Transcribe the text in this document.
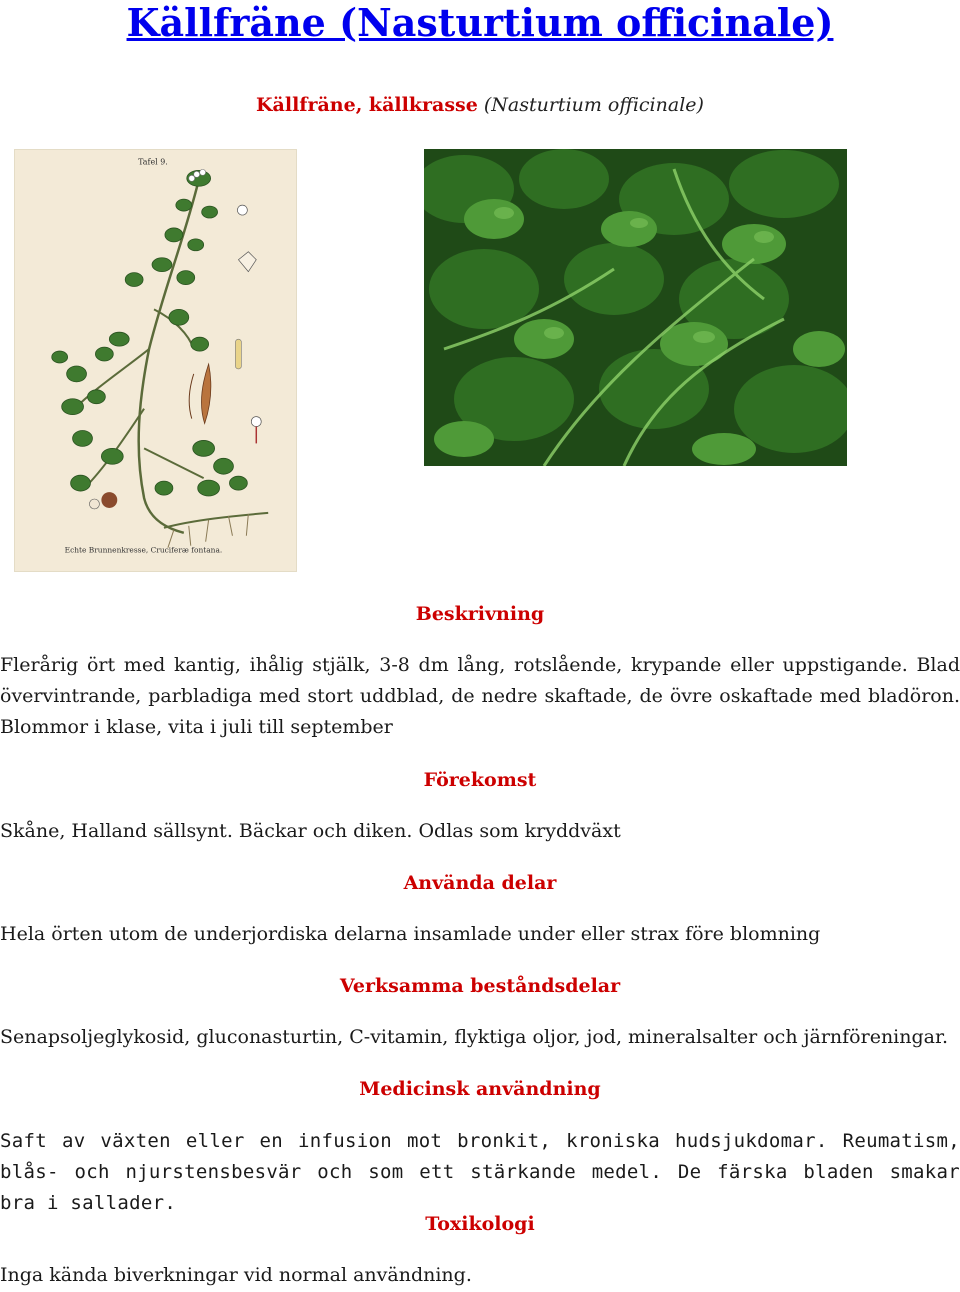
Källfräne (Nasturtium officinale)
Källfräne, källkrasse (Nasturtium officinale)
Tafel 9.
Echte Brunnenkresse, Cruciferæ fontana.
Beskrivning

Flerårig ört med kantig, ihålig stjälk, 3-8 dm lång, rotslående, krypande eller uppstigande. Blad övervintrande, parbladiga med stort uddblad, de nedre skaftade, de övre oskaftade med bladöron. Blommor i klase, vita i juli till september

Förekomst

Skåne, Halland sällsynt. Bäckar och diken. Odlas som kryddväxt

Använda delar

Hela örten utom de underjordiska delarna insamlade under eller strax före blomning

Verksamma beståndsdelar

Senapsoljeglykosid, gluconasturtin, C-vitamin, flyktiga oljor, jod, mineralsalter och järnföreningar.

Medicinsk användning

Saft av växten eller en infusion mot bronkit, kroniska hudsjukdomar. Reumatism, blås- och njurstensbesvär och som ett stärkande medel. De färska bladen smakar bra i sallader.

Toxikologi

Inga kända biverkningar vid normal användning.
